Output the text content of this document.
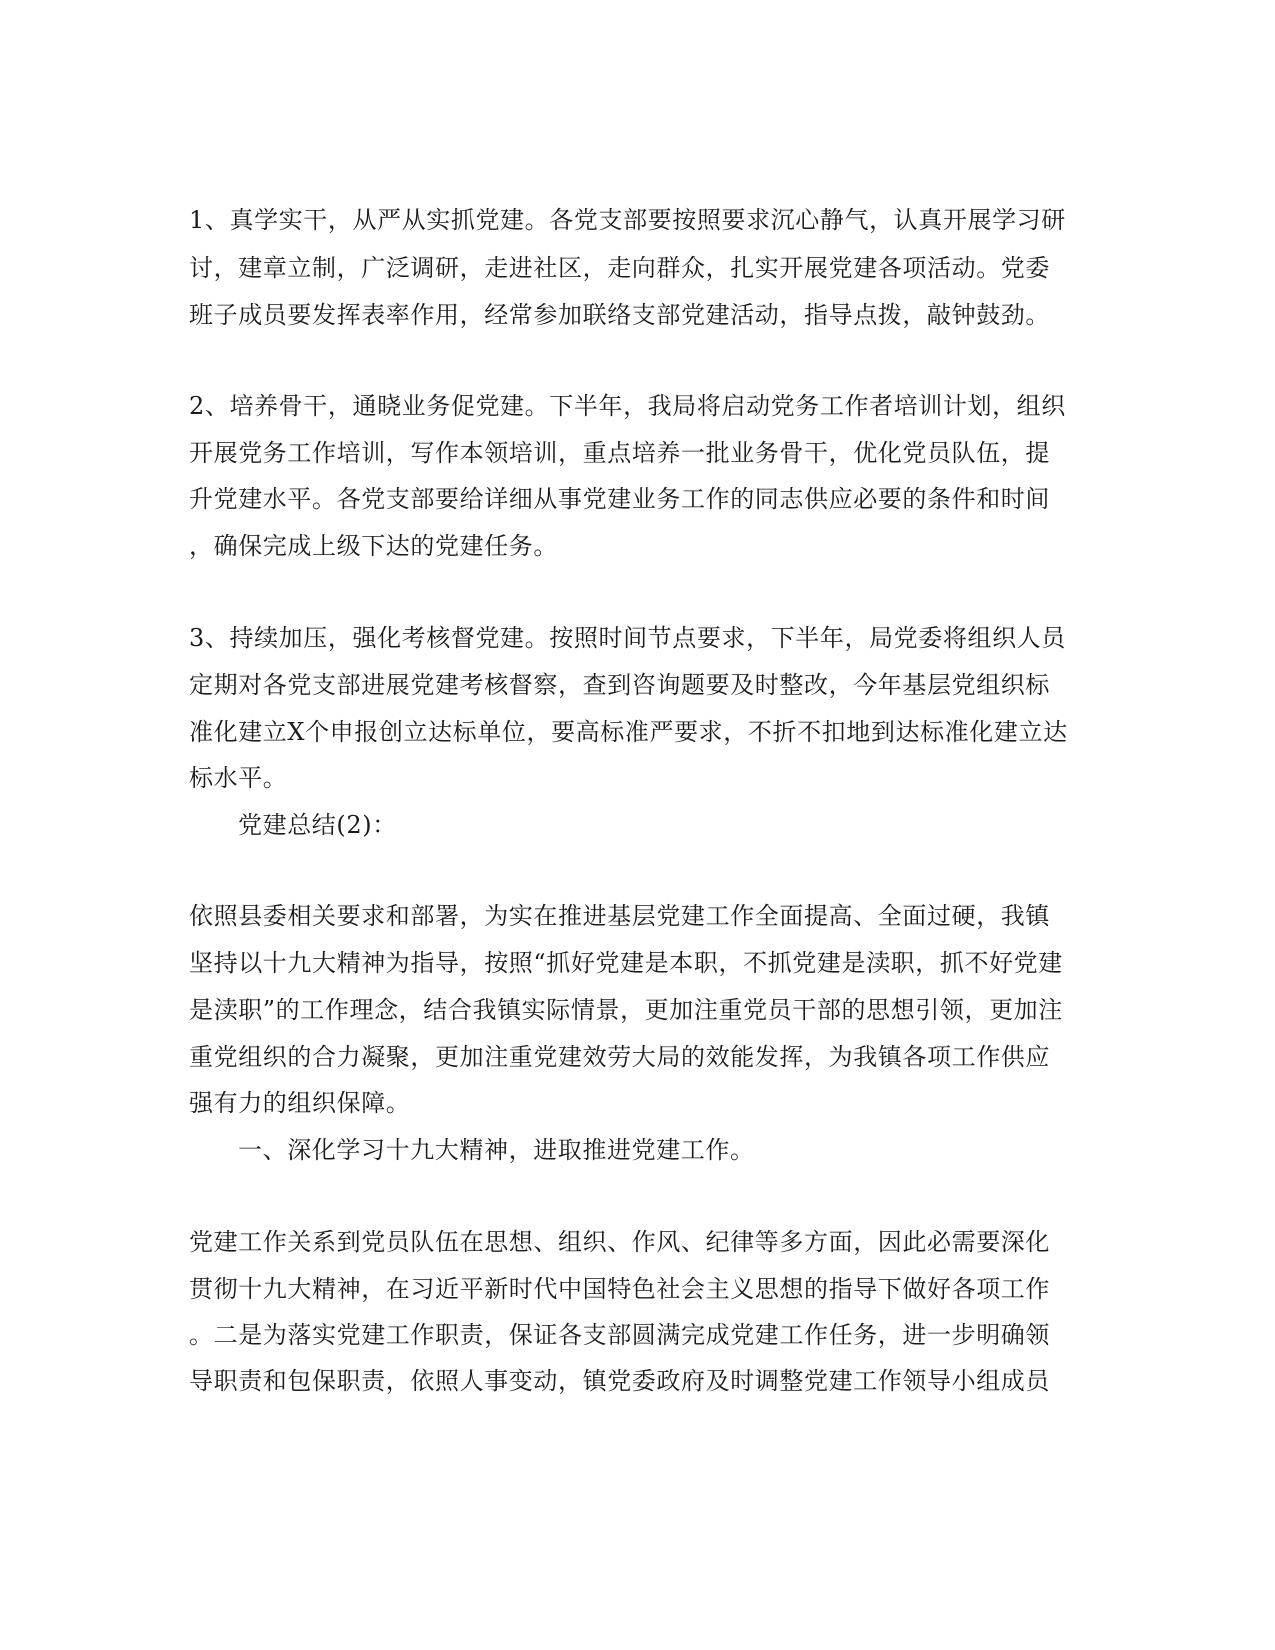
1、真学实干，从严从实抓党建。各党支部要按照要求沉心静气，认真开展学习研

讨，建章立制，广泛调研，走进社区，走向群众，扎实开展党建各项活动。党委

班子成员要发挥表率作用，经常参加联络支部党建活动，指导点拨，敲钟鼓劲。

2、培养骨干，通晓业务促党建。下半年，我局将启动党务工作者培训计划，组织

开展党务工作培训，写作本领培训，重点培养一批业务骨干，优化党员队伍，提

升党建水平。各党支部要给详细从事党建业务工作的同志供应必要的条件和时间

，确保完成上级下达的党建任务。

3、持续加压，强化考核督党建。按照时间节点要求，下半年，局党委将组织人员

定期对各党支部进展党建考核督察，查到咨询题要及时整改，今年基层党组织标

准化建立X个申报创立达标单位，要高标准严要求，不折不扣地到达标准化建立达

标水平。

党建总结(2)：

依照县委相关要求和部署，为实在推进基层党建工作全面提高、全面过硬，我镇

坚持以十九大精神为指导，按照“抓好党建是本职，不抓党建是渎职，抓不好党建

是渎职”的工作理念，结合我镇实际情景，更加注重党员干部的思想引领，更加注

重党组织的合力凝聚，更加注重党建效劳大局的效能发挥，为我镇各项工作供应

强有力的组织保障。

一、深化学习十九大精神，进取推进党建工作。

党建工作关系到党员队伍在思想、组织、作风、纪律等多方面，因此必需要深化

贯彻十九大精神，在习近平新时代中国特色社会主义思想的指导下做好各项工作

。二是为落实党建工作职责，保证各支部圆满完成党建工作任务，进一步明确领

导职责和包保职责，依照人事变动，镇党委政府及时调整党建工作领导小组成员
